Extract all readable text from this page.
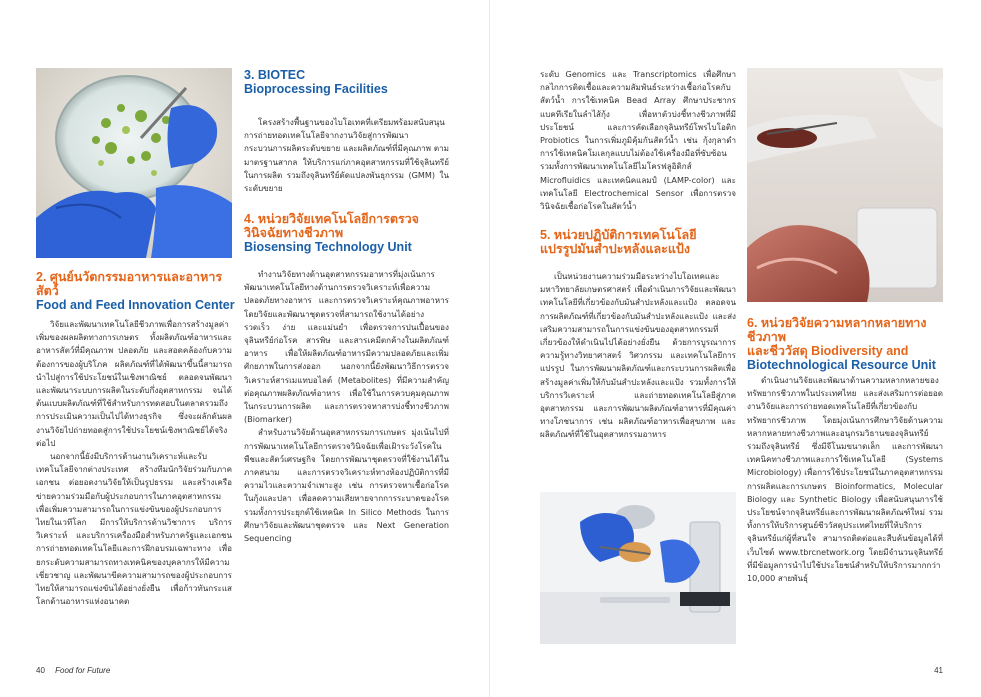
2. ศูนย์นวัตกรรมอาหารและอาหารสัตว์
Food and Feed Innovation Center

วิจัยและพัฒนาเทคโนโลยีชีวภาพเพื่อการสร้างมูลค่าเพิ่มของผลผลิตทางการเกษตร ทั้งผลิตภัณฑ์อาหารและอาหารสัตว์ที่มีคุณภาพ ปลอดภัย และสอดคล้องกับความต้องการของผู้บริโภค ผลิตภัณฑ์ที่ได้พัฒนาขึ้นนี้สามารถนำไปสู่การใช้ประโยชน์ในเชิงพาณิชย์ ตลอดจนพัฒนาและพัฒนาระบบการผลิตในระดับกึ่งอุตสาหกรรม จนได้ต้นแบบผลิตภัณฑ์ที่ใช้สำหรับการทดสอบในตลาดรวมถึงการประเมินความเป็นไปได้ทางธุรกิจ ซึ่งจะผลักดันผลงานวิจัยไปถ่ายทอดสู่การใช้ประโยชน์เชิงพาณิชย์ได้จริงต่อไป

นอกจากนี้ยังมีบริการด้านงานวิเคราะห์และรับเทคโนโลยีจากต่างประเทศ สร้างทีมนักวิจัยร่วมกับภาคเอกชน ต่อยอดงานวิจัยให้เป็นรูปธรรม และสร้างเครือข่ายความร่วมมือกับผู้ประกอบการในภาคอุตสาหกรรม เพื่อเพิ่มความสามารถในการแข่งขันของผู้ประกอบการไทยในเวทีโลก มีการให้บริการด้านวิชาการ บริการวิเคราะห์ และบริการเครื่องมือสำหรับภาครัฐและเอกชน การถ่ายทอดเทคโนโลยีและการฝึกอบรมเฉพาะทาง เพื่อยกระดับความสามารถทางเทคนิคของบุคลากรให้มีความเชี่ยวชาญ และพัฒนาขีดความสามารถของผู้ประกอบการไทยให้สามารถแข่งขันได้อย่างยั่งยืน เพื่อก้าวทันกระแสโลกด้านอาหารแห่งอนาคต

3. BIOTEC
Bioprocessing Facilities

โครงสร้างพื้นฐานของไบโอเทคที่เตรียมพร้อมสนับสนุนการถ่ายทอดเทคโนโลยีจากงานวิจัยสู่การพัฒนากระบวนการผลิตระดับขยาย และผลิตภัณฑ์ที่มีคุณภาพ ตามมาตรฐานสากล ให้บริการแก่ภาคอุตสาหกรรมที่ใช้จุลินทรีย์ในการผลิต รวมถึงจุลินทรีย์ดัดแปลงพันธุกรรม (GMM) ในระดับขยาย

4. หน่วยวิจัยเทคโนโลยีการตรวจวินิจฉัยทางชีวภาพ
Biosensing Technology Unit

ทำงานวิจัยทางด้านอุตสาหกรรมอาหารที่มุ่งเน้นการพัฒนาเทคโนโลยีทางด้านการตรวจวิเคราะห์เพื่อความปลอดภัยทางอาหาร และการตรวจวิเคราะห์คุณภาพอาหาร โดยวิจัยและพัฒนาชุดตรวจที่สามารถใช้งานได้อย่างรวดเร็ว ง่าย และแม่นยำ เพื่อตรวจการปนเปื้อนของจุลินทรีย์ก่อโรค สารพิษ และสารเคมีตกค้างในผลิตภัณฑ์อาหาร เพื่อให้ผลิตภัณฑ์อาหารมีความปลอดภัยและเพิ่มศักยภาพในการส่งออก นอกจากนี้ยังพัฒนาวิธีการตรวจวิเคราะห์สารเมแทบอไลต์ (Metabolites) ที่มีความสำคัญต่อคุณภาพผลิตภัณฑ์อาหาร เพื่อใช้ในการควบคุมคุณภาพในกระบวนการผลิต และการตรวจหาสารบ่งชี้ทางชีวภาพ (Biomarker)

สำหรับงานวิจัยด้านอุตสาหกรรมการเกษตร มุ่งเน้นไปที่การพัฒนาเทคโนโลยีการตรวจวินิจฉัยเพื่อเฝ้าระวังโรคในพืชและสัตว์เศรษฐกิจ โดยการพัฒนาชุดตรวจที่ใช้งานได้ในภาคสนาม และการตรวจวิเคราะห์ทางห้องปฏิบัติการที่มีความไวและความจำเพาะสูง เช่น การตรวจหาเชื้อก่อโรคในกุ้งและปลา เพื่อลดความเสียหายจากการระบาดของโรค รวมทั้งการประยุกต์ใช้เทคนิค In Silico Methods ในการศึกษาวิจัยและพัฒนาชุดตรวจ และ Next Generation Sequencing

40 Food for Future

ระดับ Genomics และ Transcriptomics เพื่อศึกษากลไกการติดเชื้อและความสัมพันธ์ระหว่างเชื้อก่อโรคกับสัตว์น้ำ การใช้เทคนิค Bead Array ศึกษาประชากรแบคทีเรียในลำไส้กุ้ง เพื่อหาตัวบ่งชี้ทางชีวภาพที่มีประโยชน์ และการคัดเลือกจุลินทรีย์โพรไบโอติก Probiotics ในการเพิ่มภูมิคุ้มกันสัตว์น้ำ เช่น กุ้งกุลาดำ การใช้เทคนิคโมเลกุลแบบไม่ต้องใช้เครื่องมือที่ซับซ้อน รวมทั้งการพัฒนาเทคโนโลยีไมโครฟลูอิดิกส์ Microfluidics และเทคนิคแลมป์ (LAMP-color) และเทคโนโลยี Electrochemical Sensor เพื่อการตรวจวินิจฉัยเชื้อก่อโรคในสัตว์น้ำ

5. หน่วยปฏิบัติการเทคโนโลยี
แปรรูปมันสำปะหลังและแป้ง

เป็นหน่วยงานความร่วมมือระหว่างไบโอเทคและมหาวิทยาลัยเกษตรศาสตร์ เพื่อดำเนินการวิจัยและพัฒนาเทคโนโลยีที่เกี่ยวข้องกับมันสำปะหลังและแป้ง ตลอดจนการผลิตภัณฑ์ที่เกี่ยวข้องกับมันสำปะหลังและแป้ง และส่งเสริมความสามารถในการแข่งขันของอุตสาหกรรมที่เกี่ยวข้องให้ดำเนินไปได้อย่างยั่งยืน ด้วยการบูรณาการความรู้ทางวิทยาศาสตร์ วิศวกรรม และเทคโนโลยีการแปรรูป ในการพัฒนาผลิตภัณฑ์และกระบวนการผลิตเพื่อสร้างมูลค่าเพิ่มให้กับมันสำปะหลังและแป้ง รวมทั้งการให้บริการวิเคราะห์ และถ่ายทอดเทคโนโลยีสู่ภาคอุตสาหกรรม และการพัฒนาผลิตภัณฑ์อาหารที่มีคุณค่าทางโภชนาการ เช่น ผลิตภัณฑ์อาหารเพื่อสุขภาพ และผลิตภัณฑ์ที่ใช้ในอุตสาหกรรมอาหาร

6. หน่วยวิจัยความหลากหลายทางชีวภาพ
และชีววัสดุ Biodiversity and
Biotechnological Resource Unit

ดำเนินงานวิจัยและพัฒนาด้านความหลากหลายของทรัพยากรชีวภาพในประเทศไทย และส่งเสริมการต่อยอดงานวิจัยและการถ่ายทอดเทคโนโลยีที่เกี่ยวข้องกับทรัพยากรชีวภาพ โดยมุ่งเน้นการศึกษาวิจัยด้านความหลากหลายทางชีวภาพและอนุกรมวิธานของจุลินทรีย์ รวมถึงจุลินทรีย์ ซึ่งมีจีโนมขนาดเล็ก และการพัฒนาเทคนิคทางชีวภาพและการใช้เทคโนโลยี (Systems Microbiology) เพื่อการใช้ประโยชน์ในภาคอุตสาหกรรมการผลิตและการเกษตร Bioinformatics, Molecular Biology และ Synthetic Biology เพื่อสนับสนุนการใช้ประโยชน์จากจุลินทรีย์และการพัฒนาผลิตภัณฑ์ใหม่ รวมทั้งการให้บริการศูนย์ชีววัสดุประเทศไทยที่ให้บริการจุลินทรีย์แก่ผู้ที่สนใจ สามารถติดต่อและสืบค้นข้อมูลได้ที่เว็บไซต์ www.tbrcnetwork.org โดยมีจำนวนจุลินทรีย์ที่มีข้อมูลการนำไปใช้ประโยชน์สำหรับให้บริการมากกว่า 10,000 สายพันธุ์

41
